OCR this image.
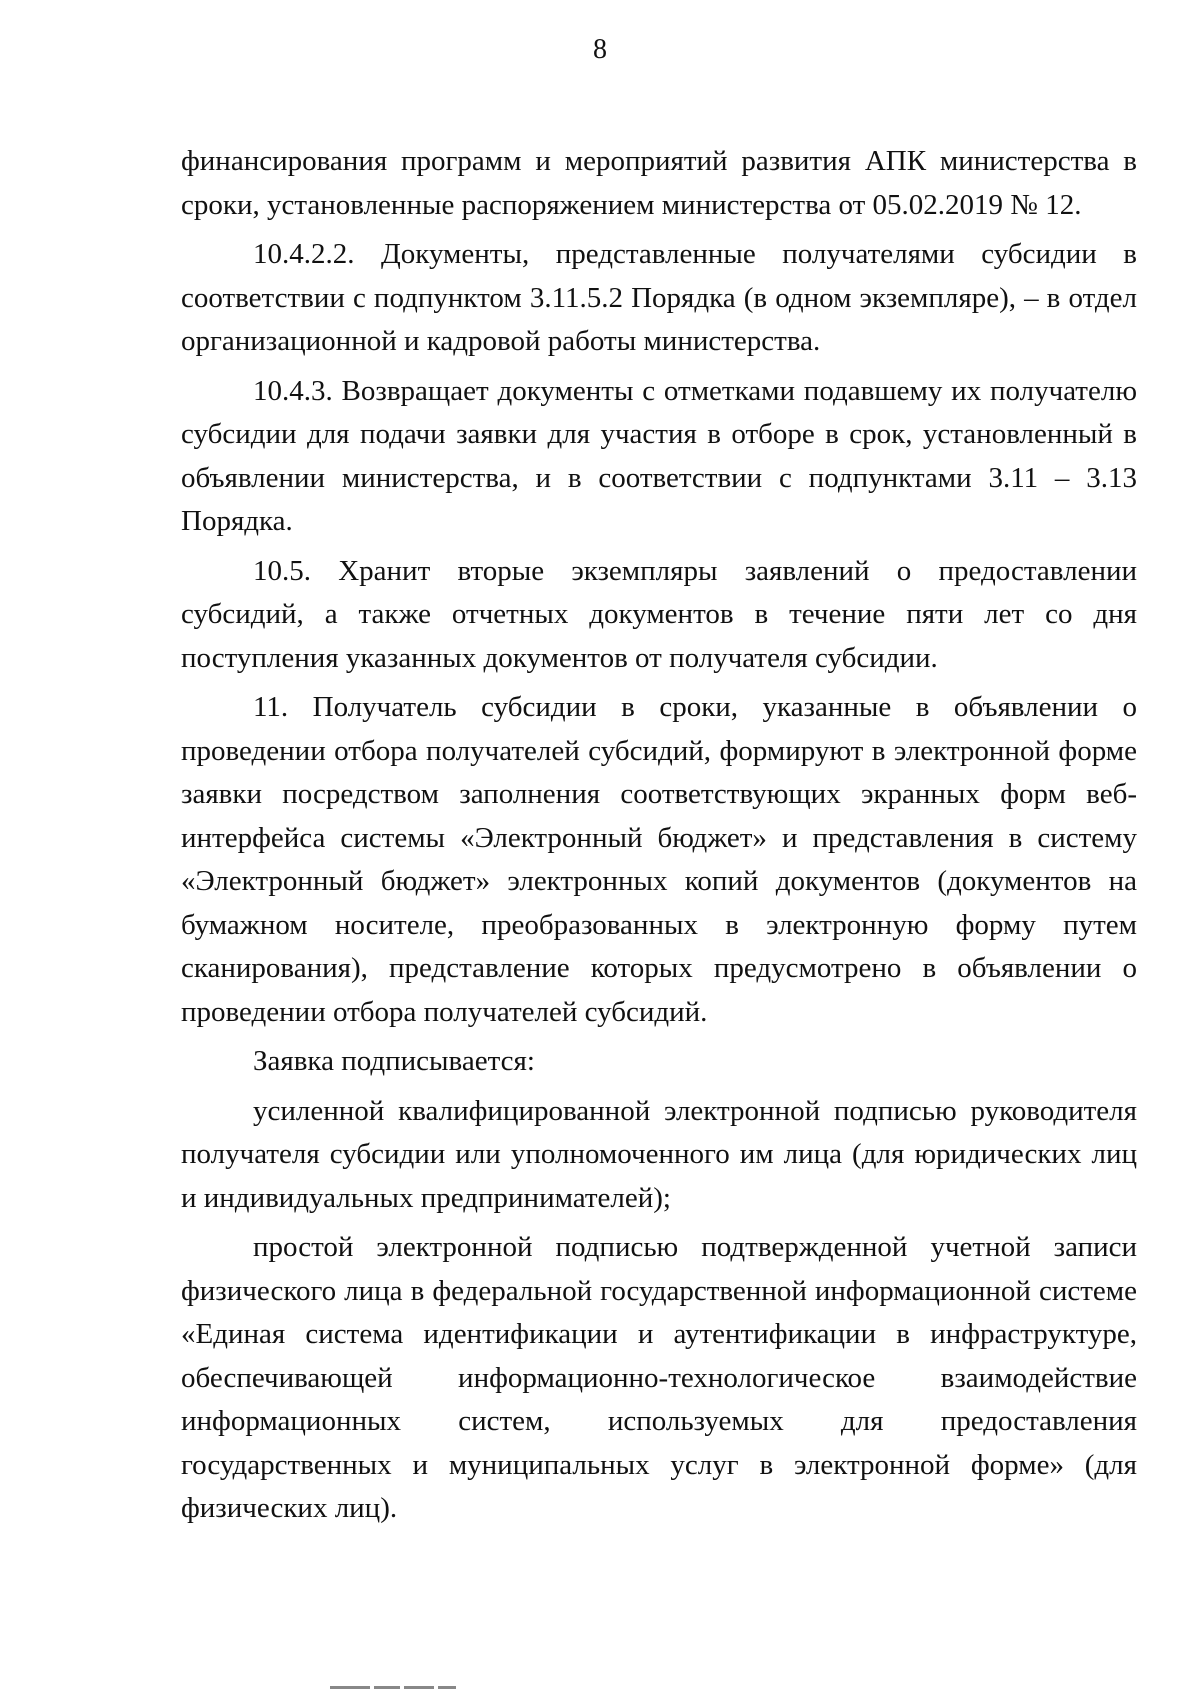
8

финансирования программ и мероприятий развития АПК министерства в сроки, установленные распоряжением министерства от 05.02.2019 № 12.

10.4.2.2. Документы, представленные получателями субсидии в соответствии с подпунктом 3.11.5.2 Порядка (в одном экземпляре), – в отдел организационной и кадровой работы министерства.

10.4.3. Возвращает документы с отметками подавшему их получателю субсидии для подачи заявки для участия в отборе в срок, установленный в объявлении министерства, и в соответствии с подпунктами 3.11 – 3.13 Порядка.

10.5. Хранит вторые экземпляры заявлений о предоставлении субсидий, а также отчетных документов в течение пяти лет со дня поступления указанных документов от получателя субсидии.

11. Получатель субсидии в сроки, указанные в объявлении о проведении отбора получателей субсидий, формируют в электронной форме заявки посредством заполнения соответствующих экранных форм веб-интерфейса системы «Электронный бюджет» и представления в систему «Электронный бюджет» электронных копий документов (документов на бумажном носителе, преобразованных в электронную форму путем сканирования), представление которых предусмотрено в объявлении о проведении отбора получателей субсидий.

Заявка подписывается:

усиленной квалифицированной электронной подписью руководителя получателя субсидии или уполномоченного им лица (для юридических лиц и индивидуальных предпринимателей);

простой электронной подписью подтвержденной учетной записи физического лица в федеральной государственной информационной системе «Единая система идентификации и аутентификации в инфраструктуре, обеспечивающей информационно-технологическое взаимодействие информационных систем, используемых для предоставления государственных и муниципальных услуг в электронной форме» (для физических лиц).
